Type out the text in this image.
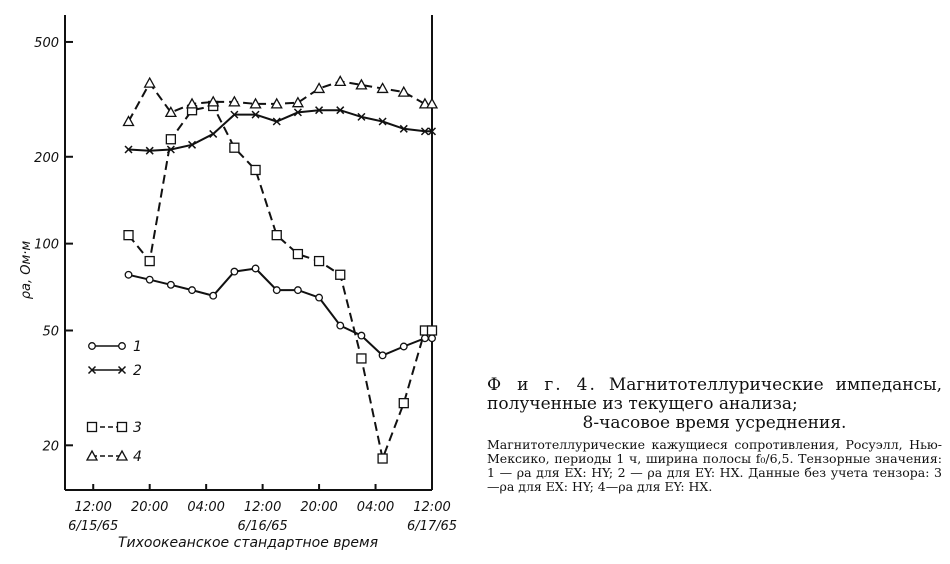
20
50
100
200
500
12:00 20:00 04:00 12:00 20:00 04:00 12:00
6/15/65	6/16/65	6/17/65
1
2
3
4
ρa, Ом·м
Тихоокеанское стандартное время
Ф и г. 4. Магнитотеллурические импедансы, полученные из текущего анализа;
8-часовое время усреднения.
Магнитотеллурические кажущиеся сопротивления, Росуэлл, Нью-Мексико, периоды 1 ч, ширина полосы f₀/6,5. Тензорные значения: 1 — ρa для EX: HY; 2 — ρa для EY: HX. Данные без учета тензора: 3—ρa для EX: HY; 4—ρa для EY: HX.
